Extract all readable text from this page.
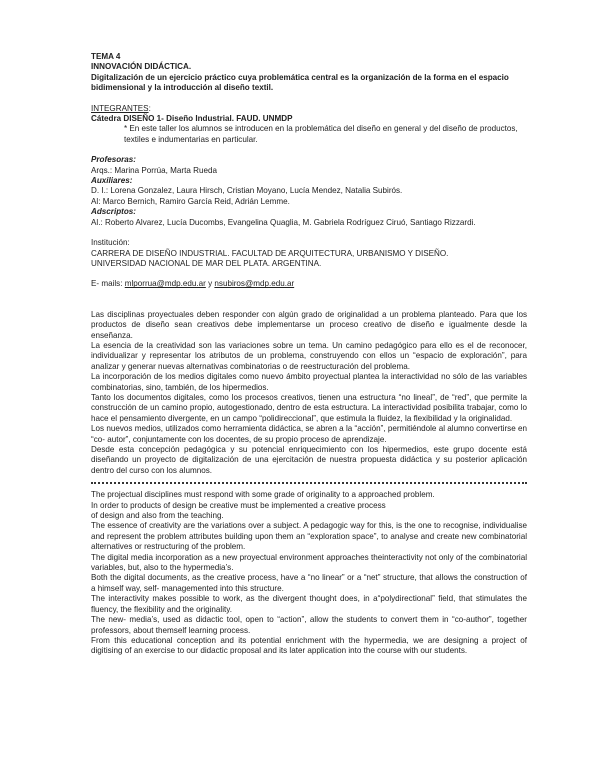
TEMA 4

INNOVACIÓN DIDÁCTICA.

Digitalización de un ejercicio práctico cuya problemática central es la organización de la forma en el espacio bidimensional y la introducción al diseño textil.

INTEGRANTES:

Cátedra DISEÑO 1- Diseño Industrial. FAUD. UNMDP

* En este taller los alumnos se introducen en la problemática del diseño en general y del diseño de productos, textiles e indumentarias en particular.

Profesoras:

Arqs.: Marina Porrúa, Marta Rueda

Auxiliares:

D. I.: Lorena Gonzalez, Laura Hirsch, Cristian Moyano, Lucía Mendez, Natalia Subirós.

Al: Marco Bernich, Ramiro García Reid, Adrián Lemme.

Adscriptos:

Al.: Roberto Alvarez, Lucía Ducombs, Evangelina Quaglia, M. Gabriela Rodríguez Ciruó, Santiago Rizzardi.

Institución:

CARRERA DE DISEÑO INDUSTRIAL. FACULTAD DE ARQUITECTURA, URBANISMO Y DISEÑO.

UNIVERSIDAD NACIONAL DE MAR DEL PLATA. ARGENTINA.

E- mails: mlporrua@mdp.edu.ar y nsubiros@mdp.edu.ar

Las disciplinas proyectuales deben responder con algún grado de originalidad a un problema planteado. Para que los productos de diseño sean creativos debe implementarse un proceso creativo de diseño e igualmente desde la enseñanza.

La esencia de la creatividad son las variaciones sobre un tema. Un camino pedagógico para ello es el de reconocer, individualizar y representar los atributos de un problema, construyendo con ellos un “espacio de exploración”, para analizar y generar nuevas alternativas combinatorias o de reestructuración del problema.

La incorporación de los medios digitales como nuevo ámbito proyectual plantea la interactividad no sólo de las variables combinatorias, sino, también, de los hipermedios.

Tanto los documentos digitales, como los procesos creativos, tienen una estructura “no lineal”, de “red”, que permite la construcción de un camino propio, autogestionado, dentro de esta estructura. La interactividad posibilita trabajar, como lo hace el pensamiento divergente, en un campo “polidireccional”, que estimula la fluidez, la flexibilidad y la originalidad.

Los nuevos medios, utilizados como herramienta didáctica, se abren a la “acción”, permitiéndole al alumno convertirse en “co- autor”, conjuntamente con los docentes, de su propio proceso de aprendizaje.

Desde esta concepción pedagógica y su potencial enriquecimiento con los hipermedios, este grupo docente está diseñando un proyecto de digitalización de una ejercitación de nuestra propuesta didáctica y su posterior aplicación dentro del curso con los alumnos.

The projectual disciplines must respond with some grade of originality to a approached problem.

In order to products of design be creative must be implemented a creative process

of design and also from the teaching.

The essence of creativity are the variations over a subject. A pedagogic way for this, is the one to recognise, individualise and represent the problem attributes building upon them an “exploration space”, to analyse and create new combinatorial alternatives or restructuring of the problem.

The digital media incorporation as a new proyectual environment approaches theinteractivity not only of the combinatorial variables, but, also to the hypermedia’s.

Both the digital documents, as the creative process, have a “no linear” or a “net” structure, that allows the construction of a himself way, self- managemented into this structure.

The interactivity makes possible to work, as the divergent thought does, in a“polydirectional” field, that stimulates the fluency, the flexibility and the originality.

The new- media’s, used as didactic tool, open to “action”, allow the students to convert them in “co-author”, together professors, about themself learning process.

From this educational conception and its potential enrichment with the hypermedia, we are designing a project of digitising of an exercise to our didactic proposal and its later application into the course with our students.
